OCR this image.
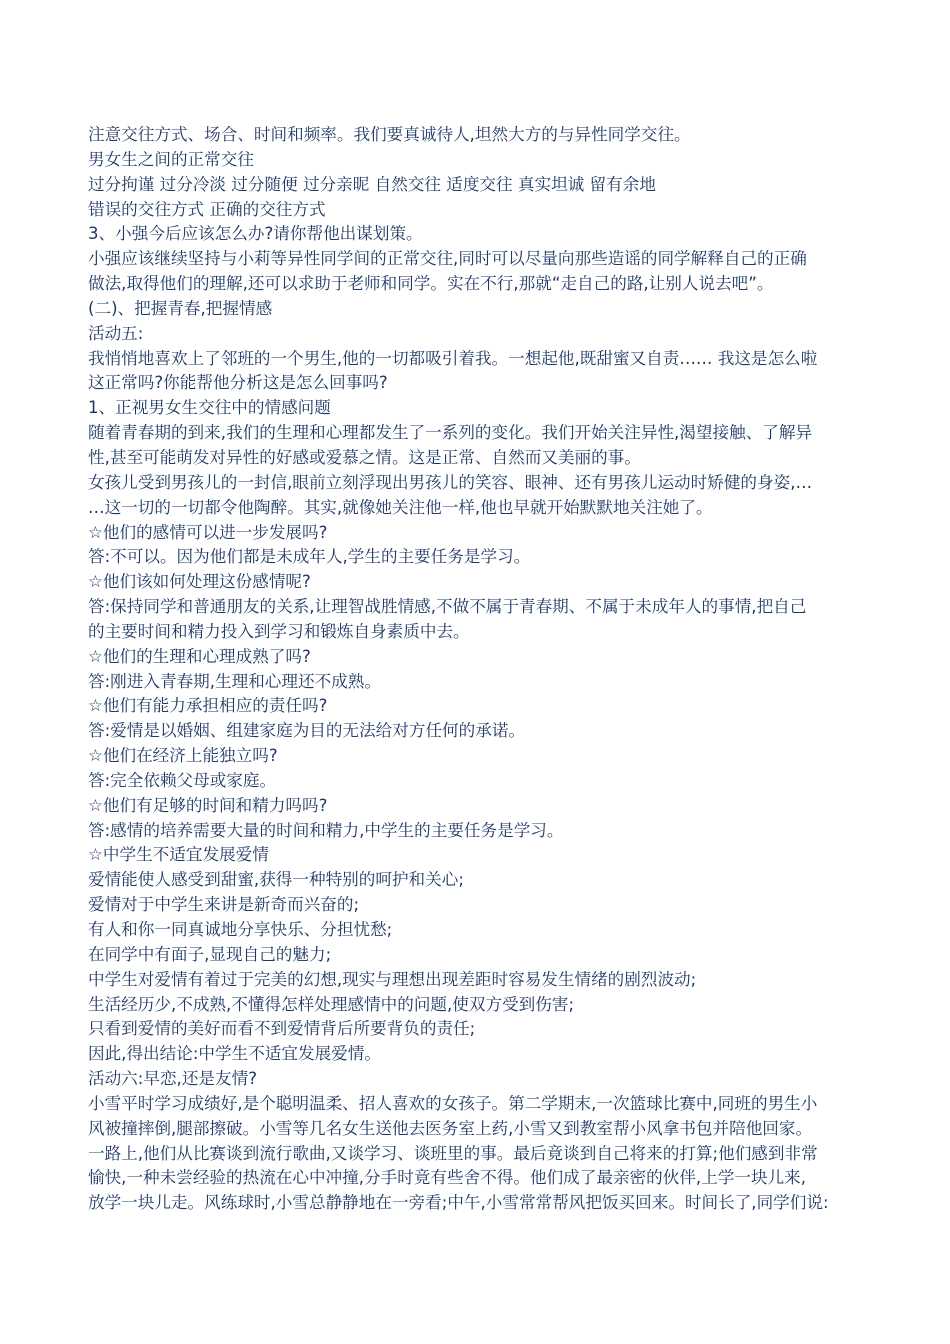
注意交往方式、场合、时间和频率。我们要真诚待人,坦然大方的与异性同学交往。
男女生之间的正常交往
过分拘谨 过分冷淡 过分随便 过分亲昵 自然交往 适度交往 真实坦诚 留有余地
错误的交往方式 正确的交往方式
3、小强今后应该怎么办?请你帮他出谋划策。
小强应该继续坚持与小莉等异性同学间的正常交往,同时可以尽量向那些造谣的同学解释自己的正确
做法,取得他们的理解,还可以求助于老师和同学。实在不行,那就“走自己的路,让别人说去吧”。
(二)、把握青春,把握情感
活动五:
我悄悄地喜欢上了邻班的一个男生,他的一切都吸引着我。一想起他,既甜蜜又自责…… 我这是怎么啦
这正常吗?你能帮他分析这是怎么回事吗?
1、正视男女生交往中的情感问题
随着青春期的到来,我们的生理和心理都发生了一系列的变化。我们开始关注异性,渴望接触、了解异
性,甚至可能萌发对异性的好感或爱慕之情。这是正常、自然而又美丽的事。
女孩儿受到男孩儿的一封信,眼前立刻浮现出男孩儿的笑容、眼神、还有男孩儿运动时矫健的身姿,…
…这一切的一切都令他陶醉。其实,就像她关注他一样,他也早就开始默默地关注她了。
☆他们的感情可以进一步发展吗?
答:不可以。因为他们都是未成年人,学生的主要任务是学习。
☆他们该如何处理这份感情呢?
答:保持同学和普通朋友的关系,让理智战胜情感,不做不属于青春期、不属于未成年人的事情,把自己
的主要时间和精力投入到学习和锻炼自身素质中去。
☆他们的生理和心理成熟了吗?
答:刚进入青春期,生理和心理还不成熟。
☆他们有能力承担相应的责任吗?
答:爱情是以婚姻、组建家庭为目的无法给对方任何的承诺。
☆他们在经济上能独立吗?
答:完全依赖父母或家庭。
☆他们有足够的时间和精力吗吗?
答:感情的培养需要大量的时间和精力,中学生的主要任务是学习。
☆中学生不适宜发展爱情
爱情能使人感受到甜蜜,获得一种特别的呵护和关心;
爱情对于中学生来讲是新奇而兴奋的;
有人和你一同真诚地分享快乐、分担忧愁;
在同学中有面子,显现自己的魅力;
中学生对爱情有着过于完美的幻想,现实与理想出现差距时容易发生情绪的剧烈波动;
生活经历少,不成熟,不懂得怎样处理感情中的问题,使双方受到伤害;
只看到爱情的美好而看不到爱情背后所要背负的责任;
因此,得出结论:中学生不适宜发展爱情。
活动六:早恋,还是友情?
小雪平时学习成绩好,是个聪明温柔、招人喜欢的女孩子。第二学期末,一次篮球比赛中,同班的男生小
风被撞摔倒,腿部擦破。小雪等几名女生送他去医务室上药,小雪又到教室帮小风拿书包并陪他回家。
一路上,他们从比赛谈到流行歌曲,又谈学习、谈班里的事。最后竟谈到自己将来的打算;他们感到非常
愉快,一种未尝经验的热流在心中冲撞,分手时竟有些舍不得。他们成了最亲密的伙伴,上学一块儿来,
放学一块儿走。风练球时,小雪总静静地在一旁看;中午,小雪常常帮风把饭买回来。时间长了,同学们说:
